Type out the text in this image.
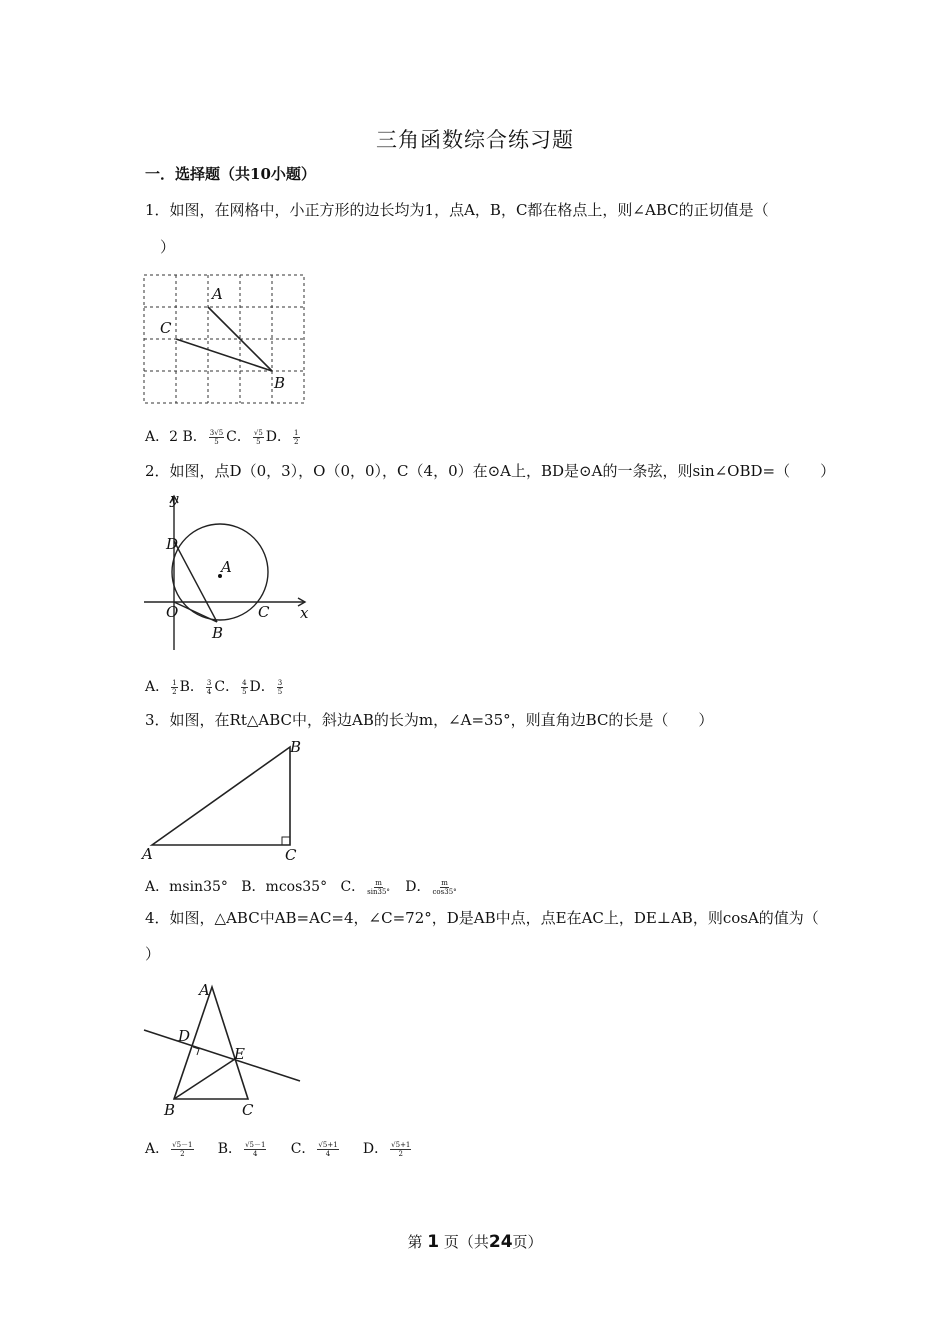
三角函数综合练习题
一．选择题（共10小题）
1．如图，在网格中，小正方形的边长均为1，点A，B，C都在格点上，则∠ABC的正切值是（
）
A
C
B
A．2 B． $\frac{3√5}{5}$ C． $\frac{√5}{5}$ D． $\frac{1}{2}$
2．如图，点D（0，3），O（0，0），C（4，0）在⊙A上，BD是⊙A的一条弦，则sin∠OBD=（　　）
y
x
D
A
O	C
B
A． $\frac{1}{2}$ B． $\frac{3}{4}$ C． $\frac{4}{5}$ D． $\frac{3}{5}$
3．如图，在Rt△ABC中，斜边AB的长为m，∠A=35°，则直角边BC的长是（　　）
A
B
C
A．msin35° B．mcos35° C． $\frac{m}{\sin 35^\circ}$ D． $\frac{m}{\cos 35^\circ}$
4．如图，△ABC中AB=AC=4，∠C=72°，D是AB中点，点E在AC上，DE⊥AB，则cosA的值为（
）
A
D
E
B	C
A． $\frac{√5-1}{2}$ B． $\frac{√5-1}{4}$ C． $\frac{√5+1}{4}$ D． $\frac{√5+1}{2}$
第 1 页（共24页）
